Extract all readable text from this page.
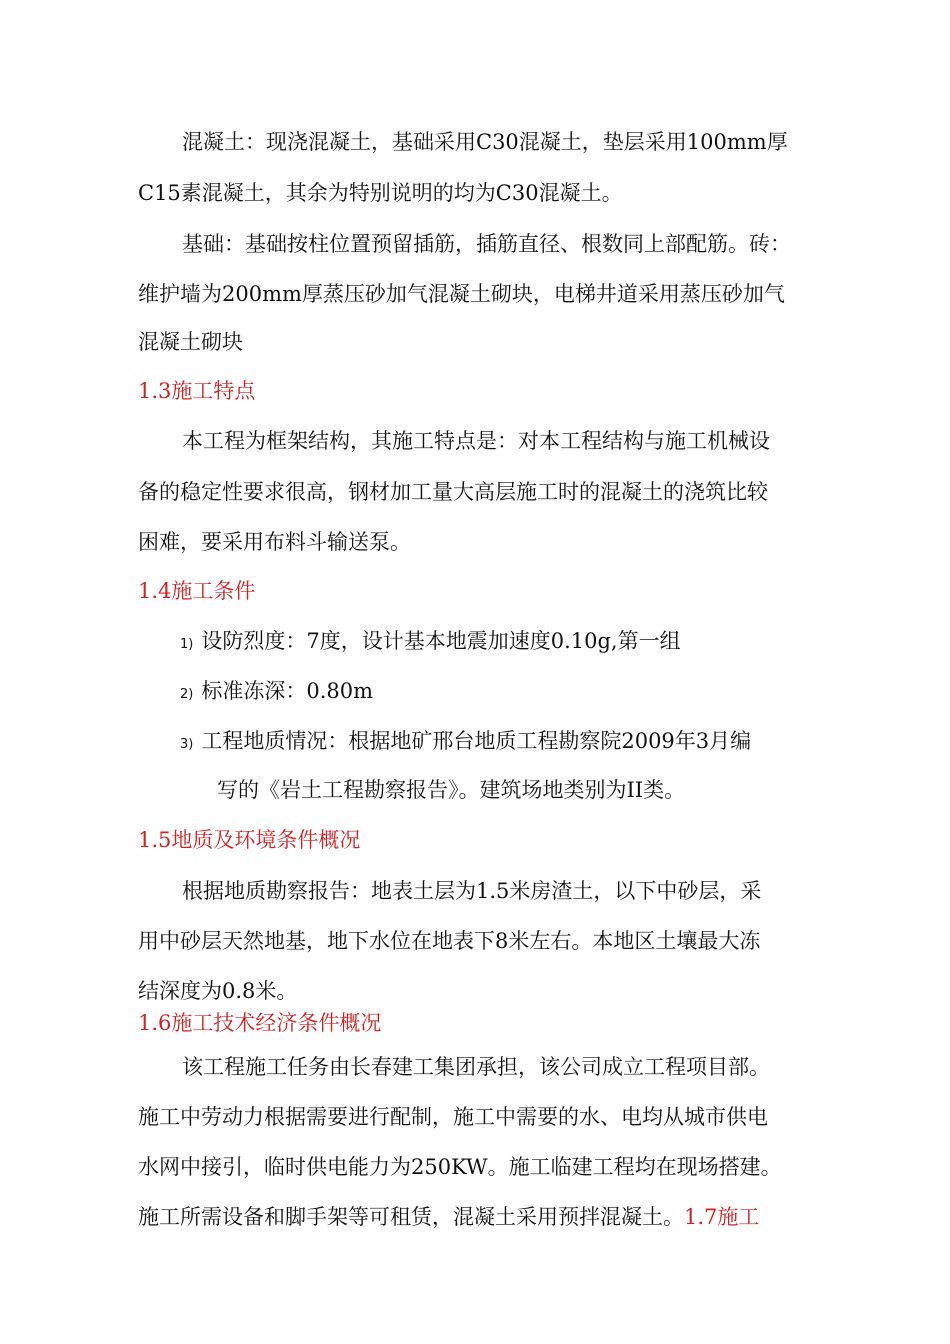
混凝土：现浇混凝土，基础采用C30混凝土，垫层采用100mm厚
C15素混凝土，其余为特别说明的均为C30混凝土。
基础：基础按柱位置预留插筋，插筋直径、根数同上部配筋。砖：
维护墙为200mm厚蒸压砂加气混凝土砌块，电梯井道采用蒸压砂加气
混凝土砌块
1.3施工特点
本工程为框架结构，其施工特点是：对本工程结构与施工机械设
备的稳定性要求很高，钢材加工量大高层施工时的混凝土的浇筑比较
困难，要采用布料斗输送泵。
1.4施工条件
1) 设防烈度：7度，设计基本地震加速度0.10g,第一组
2) 标准冻深：0.80m
3) 工程地质情况：根据地矿邢台地质工程勘察院2009年3月编
写的《岩土工程勘察报告》。建筑场地类别为II类。
1.5地质及环境条件概况
根据地质勘察报告：地表土层为1.5米房渣土，以下中砂层，采
用中砂层天然地基，地下水位在地表下8米左右。本地区土壤最大冻
结深度为0.8米。
1.6施工技术经济条件概况
该工程施工任务由长春建工集团承担，该公司成立工程项目部。
施工中劳动力根据需要进行配制，施工中需要的水、电均从城市供电
水网中接引，临时供电能力为250KW。施工临建工程均在现场搭建。
施工所需设备和脚手架等可租赁，混凝土采用预拌混凝土。1.7施工
